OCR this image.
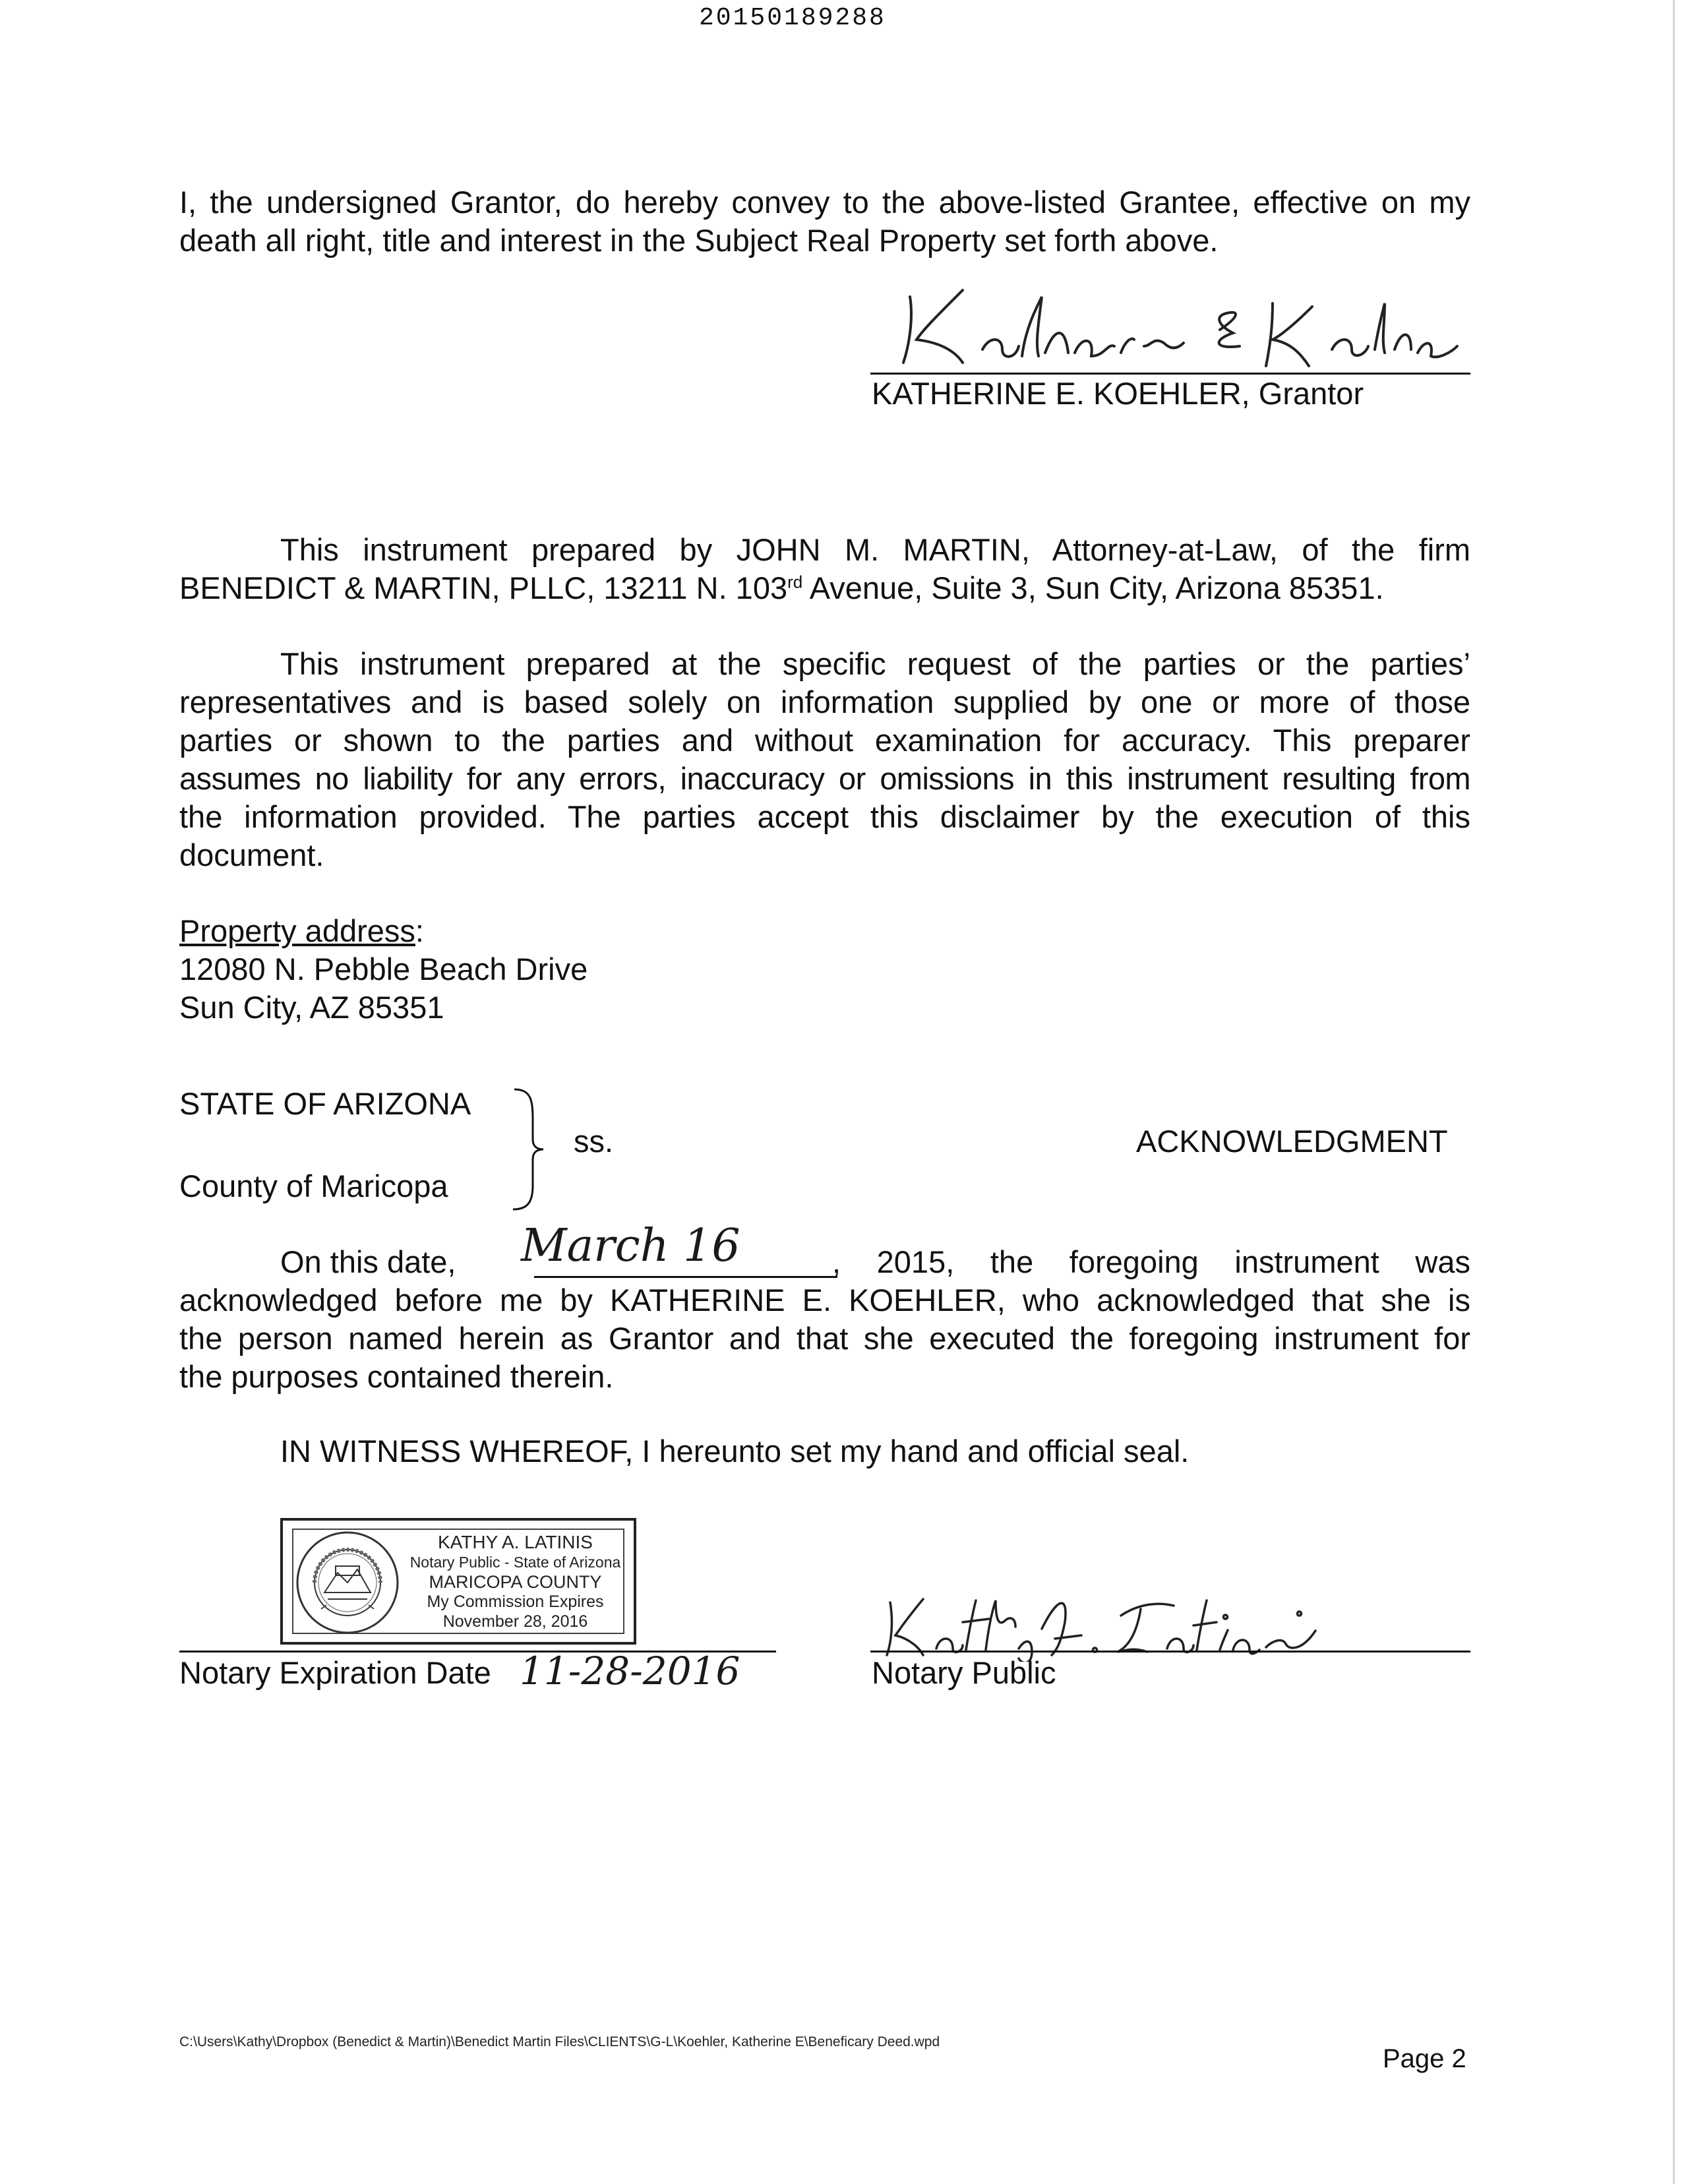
20150189288
I, the undersigned Grantor, do hereby convey to the above-listed Grantee, effective on my
death all right, title and interest in the Subject Real Property set forth above.
KATHERINE E. KOEHLER, Grantor
This instrument prepared by JOHN M. MARTIN, Attorney-at-Law, of the firm
BENEDICT & MARTIN, PLLC, 13211 N. 103rd Avenue, Suite 3, Sun City, Arizona 85351.
This instrument prepared at the specific request of the parties or the parties’
representatives and is based solely on information supplied by one or more of those
parties or shown to the parties and without examination for accuracy. This preparer
assumes no liability for any errors, inaccuracy or omissions in this instrument resulting from
the information provided. The parties accept this disclaimer by the execution of this
document.
Property address:
12080 N. Pebble Beach Drive
Sun City, AZ 85351
STATE OF ARIZONA
County of Maricopa
ss.	ACKNOWLEDGMENT
On this date, March 16	, 2015, the foregoing instrument was
acknowledged before me by KATHERINE E. KOEHLER, who acknowledged that she is
the person named herein as Grantor and that she executed the foregoing instrument for
the purposes contained therein.
IN WITNESS WHEREOF, I hereunto set my hand and official seal.
KATHY A. LATINIS
Notary Public - State of Arizona
MARICOPA COUNTY
My Commission Expires
November 28, 2016
Notary Expiration Date 11-28-2016	Notary Public
C:\Users\Kathy\Dropbox (Benedict & Martin)\Benedict Martin Files\CLIENTS\G-L\Koehler, Katherine E\Beneficary Deed.wpd
Page 2
